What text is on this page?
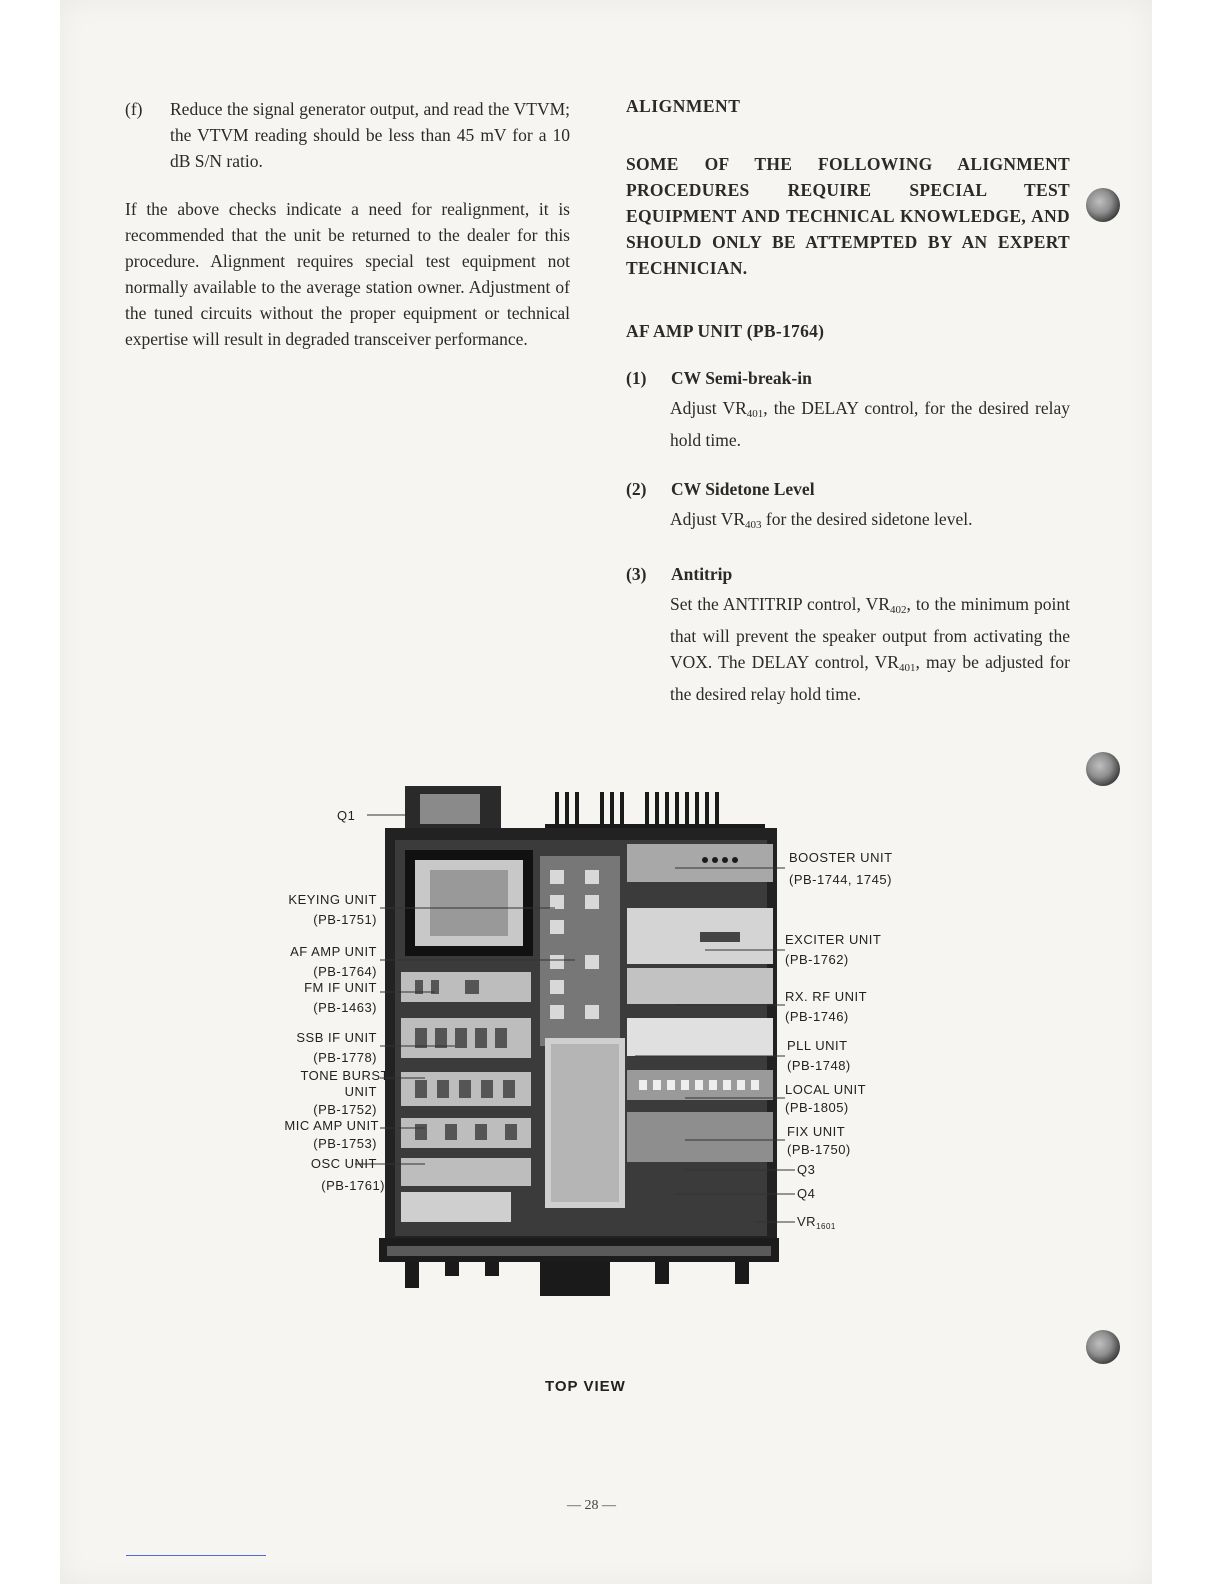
(f)	Reduce the signal generator output, and read the VTVM; the VTVM reading should be less than 45 mV for a 10 dB S/N ratio.

If the above checks indicate a need for realignment, it is recommended that the unit be returned to the dealer for this procedure. Alignment requires special test equipment not normally available to the average station owner. Adjustment of the tuned circuits without the proper equipment or technical expertise will result in degraded transceiver performance.

ALIGNMENT

SOME OF THE FOLLOWING ALIGNMENT PROCEDURES REQUIRE SPECIAL TEST EQUIPMENT AND TECHNICAL KNOWLEDGE, AND SHOULD ONLY BE ATTEMPTED BY AN EXPERT TECHNICIAN.

AF AMP UNIT (PB-1764)

(1)	CW Semi-break-in
Adjust $VR_{401}$, the DELAY control, for the desired relay hold time.
(2)	CW Sidetone Level
Adjust $VR_{403}$ for the desired sidetone level.
(3)	Antitrip
Set the ANTITRIP control, $VR_{402}$, to the minimum point that will prevent the speaker output from activating the VOX. The DELAY control, $VR_{401}$, may be adjusted for the desired relay hold time.
Q1
KEYING UNIT
(PB-1751)
AF AMP UNIT
(PB-1764)
FM IF UNIT
(PB-1463)
SSB IF UNIT
(PB-1778)
TONE BURST
UNIT
(PB-1752)
MIC AMP UNIT
(PB-1753)
OSC UNIT
(PB-1761)
BOOSTER UNIT
(PB-1744, 1745)
EXCITER UNIT
(PB-1762)
RX. RF UNIT
(PB-1746)
PLL UNIT
(PB-1748)
LOCAL UNIT
(PB-1805)
FIX UNIT
(PB-1750)
Q3
Q4
$VR_{1601}$
TOP VIEW
— 28 —
